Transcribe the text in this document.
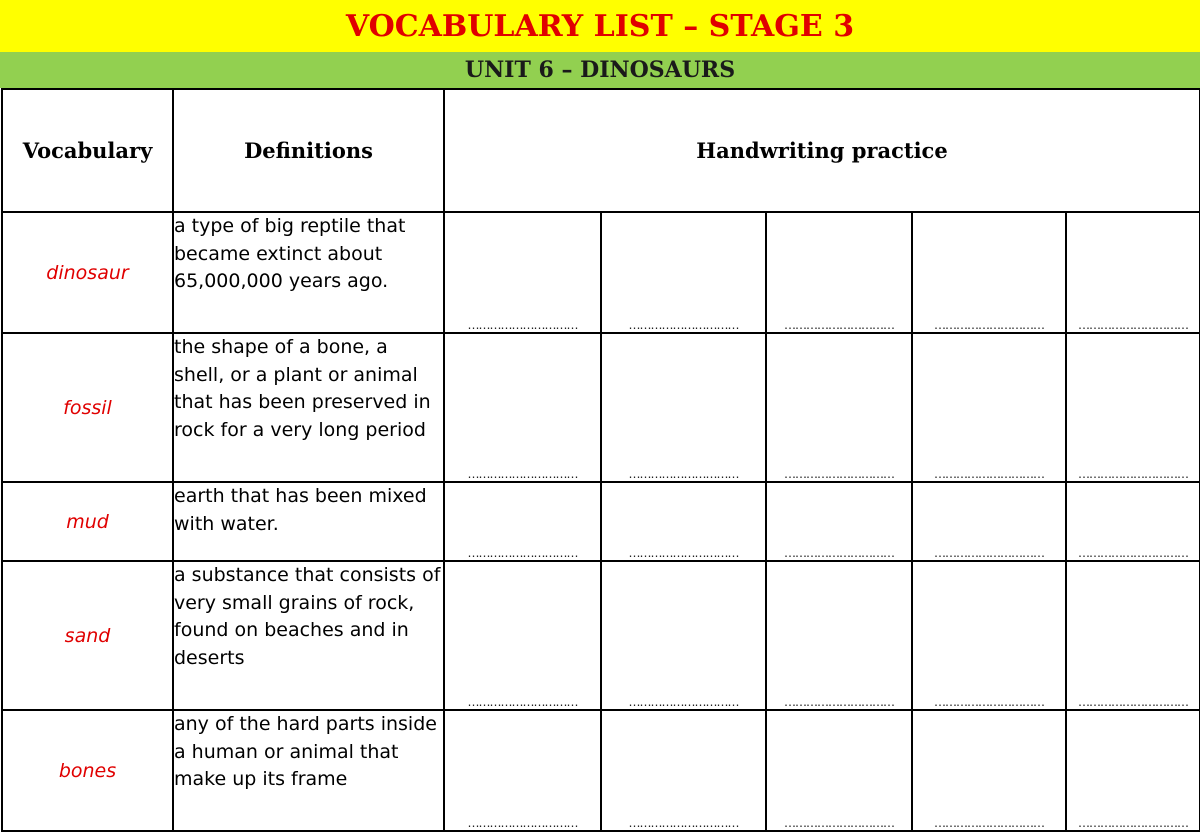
VOCABULARY LIST – STAGE 3
UNIT 6 – DINOSAURS
Vocabulary	Definitions	Handwriting practice				
dinosaur	a type of big reptile that became extinct about 65,000,000 years ago.	…………………………	…………………………	…………………………	…………………………	…………………………
fossil	the shape of a bone, a shell, or a plant or animal that has been preserved in rock for a very long period	…………………………	…………………………	…………………………	…………………………	…………………………
mud	earth that has been mixed with water.	…………………………	…………………………	…………………………	…………………………	…………………………
sand	a substance that consists of very small grains of rock, found on beaches and in deserts	…………………………	…………………………	…………………………	…………………………	…………………………
bones	any of the hard parts inside a human or animal that make up its frame	…………………………	…………………………	…………………………	…………………………	…………………………
